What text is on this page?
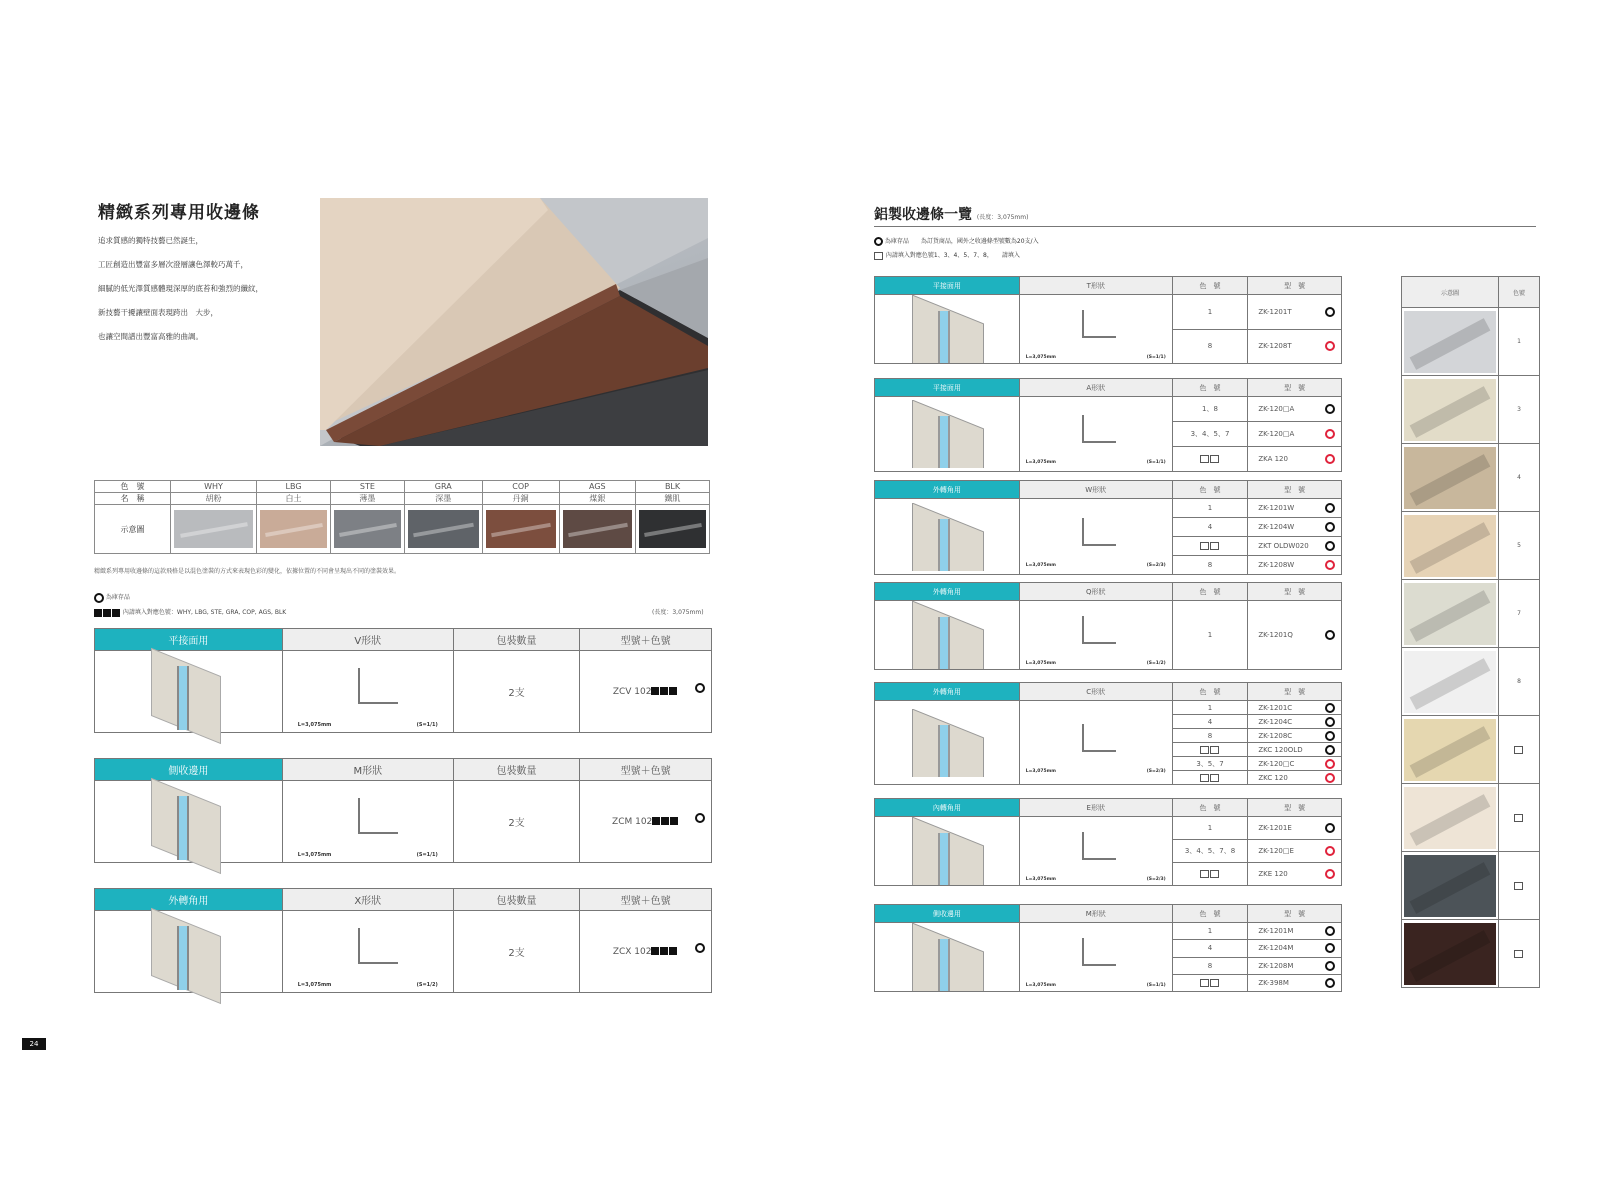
精緻系列專用收邊條
追求質感的獨特技藝已然誕生，
工匠創造出豐富多層次澄層讓色澤較巧萬千，
細膩的低光澤質感體現深厚的底苔和強烈的纖紋，
新技藝干擾讓壁面表現跨出　大步，
也讓空間譜出豐富高雅的曲調。
色　號	WHY	LBG	STE	GRA	COP	AGS	BLK
名　稱	胡粉	白土	薄墨	深墨	丹銅	煤銀	鐵肌
示意圖	

精緻系列專用收邊條的這款飛格是以混色塗裝的方式來表現色彩的變化，依據位置的不同會呈現出不同的塗裝效果。
為庫存品
內請填入對應色號：WHY, LBG, STE, GRA, COP, AGS, BLK	(長度：3,075mm)
平接面用	V形狀	包裝數量	型號＋色號

	L=3,075mm (S=1/1)	2支	ZCV 102
側收邊用	M形狀	包裝數量	型號＋色號

	L=3,075mm (S=1/1)	2支	ZCM 102
外轉角用	X形狀	包裝數量	型號＋色號

	L=3,075mm (S=1/2)	2支	ZCX 102
24
鋁製收邊條一覽 (長度：3,075mm)
為庫存品　　為訂貨商品，國外之收邊條型號數為20支/入
內請填入對應色號1、3、4、5、7、8，　　請填入
平接面用	T形狀	色　號	型　號

	L=3,075mm (S=1/1)	1	ZK-1201T

		8	ZK-1208T
平接面用	A形狀	色　號	型　號

	L=3,075mm (S=1/1)	1、8	ZK-120□A

		3、4、5、7	ZK-120□A

			ZKA 120
外轉角用	W形狀	色　號	型　號

	L=3,075mm (S=2/3)	1	ZK-1201W

		4	ZK-1204W

			ZKT OLDW020

		8	ZK-1208W
外轉角用	Q形狀	色　號	型　號

	L=3,075mm (S=1/2)	1	ZK-1201Q
外轉角用	C形狀	色　號	型　號

	L=3,075mm (S=2/3)	1	ZK-1201C

		4	ZK-1204C

		8	ZK-1208C

			ZKC 120OLD

		3、5、7	ZK-120□C

			ZKC 120
內轉角用	E形狀	色　號	型　號

	L=3,075mm (S=2/3)	1	ZK-1201E

		3、4、5、7、8	ZK-120□E

			ZKE 120
側收邊用	M形狀	色　號	型　號

	L=3,075mm (S=1/1)	1	ZK-1201M

		4	ZK-1204M

		8	ZK-1208M

			ZK-398M
示意圖	色號

	1

	3

	4

	5

	7

	8
